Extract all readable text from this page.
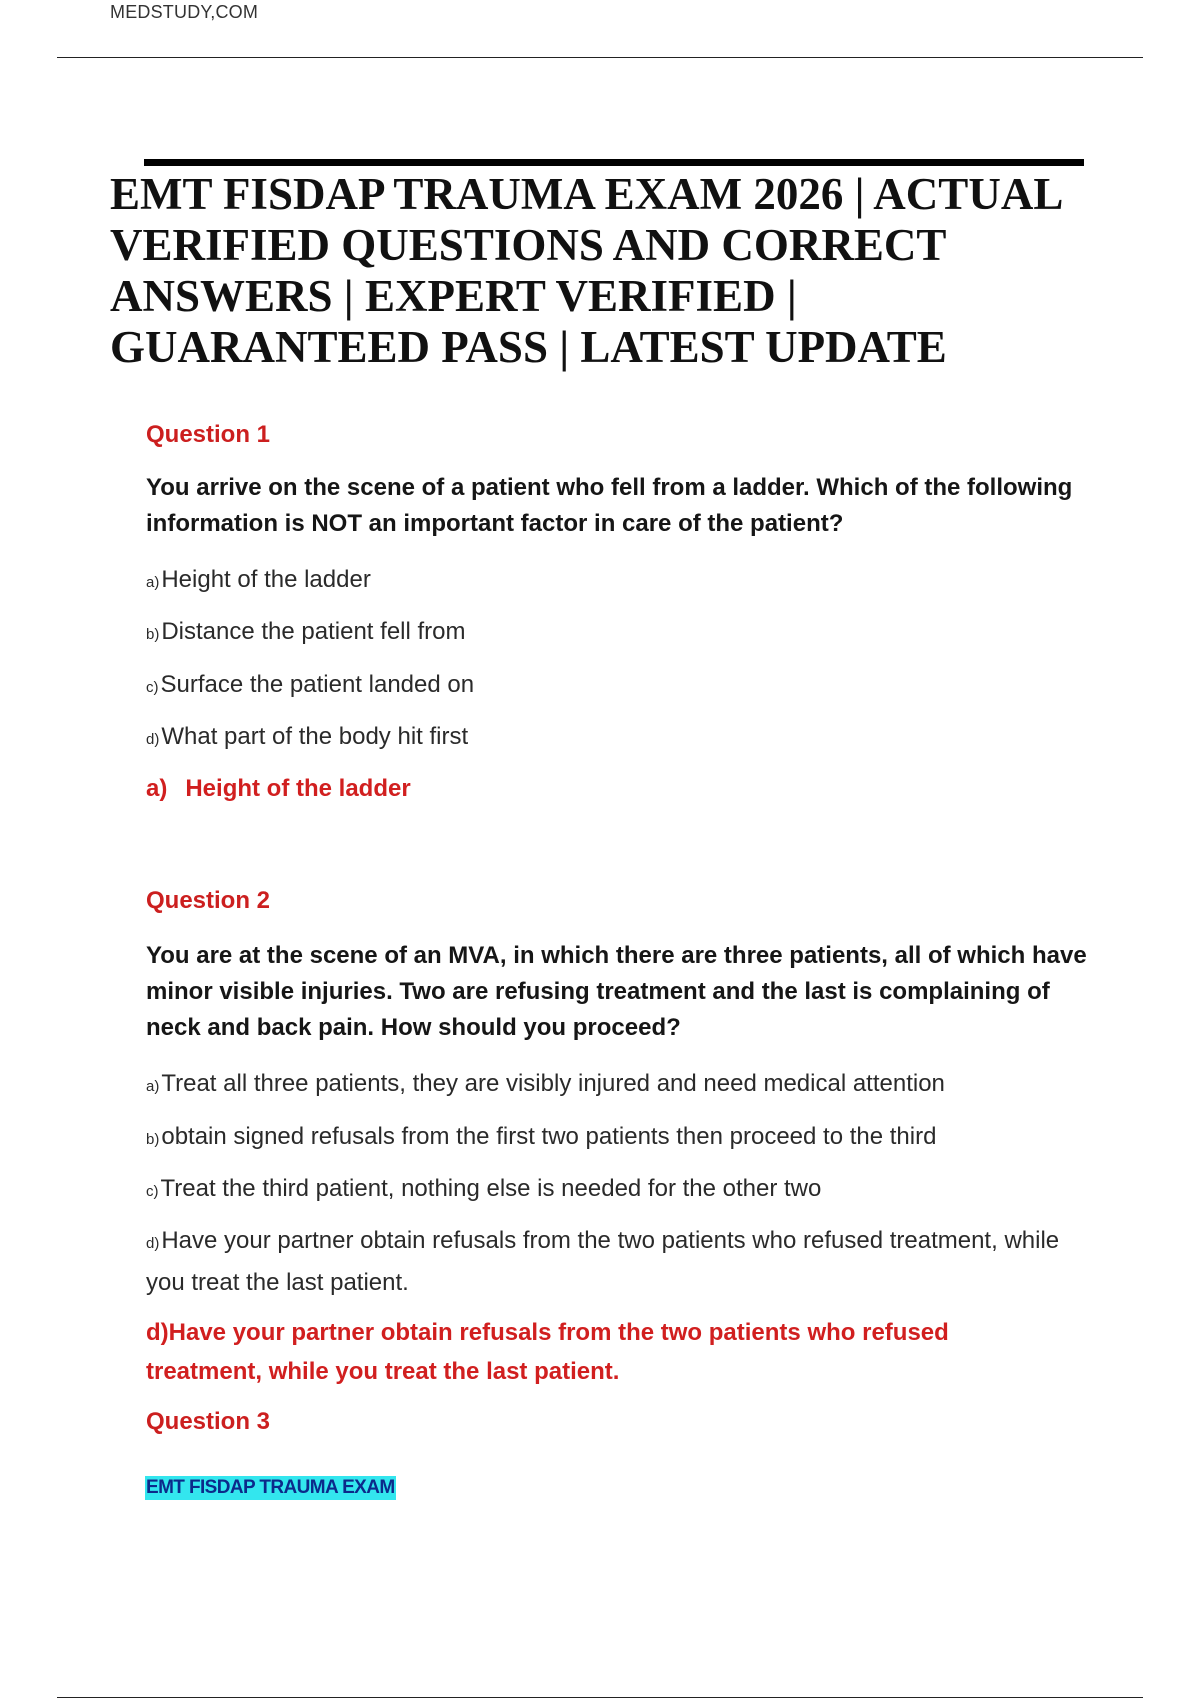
MEDSTUDY,COM
EMT FISDAP TRAUMA EXAM 2026 | ACTUAL VERIFIED QUESTIONS AND CORRECT ANSWERS | EXPERT VERIFIED | GUARANTEED PASS | LATEST UPDATE

Question 1

You arrive on the scene of a patient who fell from a ladder. Which of the following information is NOT an important factor in care of the patient?

a)Height of the ladder

b)Distance the patient fell from

c)Surface the patient landed on

d)What part of the body hit first

a) Height of the ladder

Question 2

You are at the scene of an MVA, in which there are three patients, all of which have minor visible injuries. Two are refusing treatment and the last is complaining of neck and back pain. How should you proceed?

a)Treat all three patients, they are visibly injured and need medical attention

b)obtain signed refusals from the first two patients then proceed to the third

c)Treat the third patient, nothing else is needed for the other two

d)Have your partner obtain refusals from the two patients who refused treatment, while you treat the last patient.

d)Have your partner obtain refusals from the two patients who refused treatment, while you treat the last patient.

Question 3

EMT FISDAP TRAUMA EXAM
